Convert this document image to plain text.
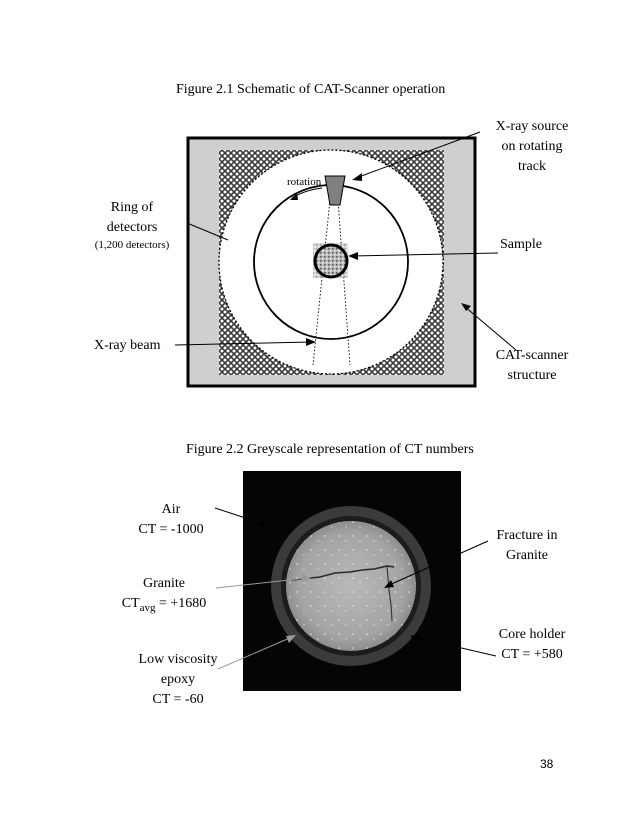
Figure 2.1 Schematic of CAT-Scanner operation
X-ray source
on rotating
track
rotation
Ring of
detectors
(1,200 detectors)	Sample
X-ray beam
CAT-scanner
structure
Figure 2.2 Greyscale representation of CT numbers
Air
CT = -1000
Granite
$CT_{avg} = +1680$
Fracture in
Granite
Core holder
CT = +580
Low viscosity
epoxy
CT = -60
38
